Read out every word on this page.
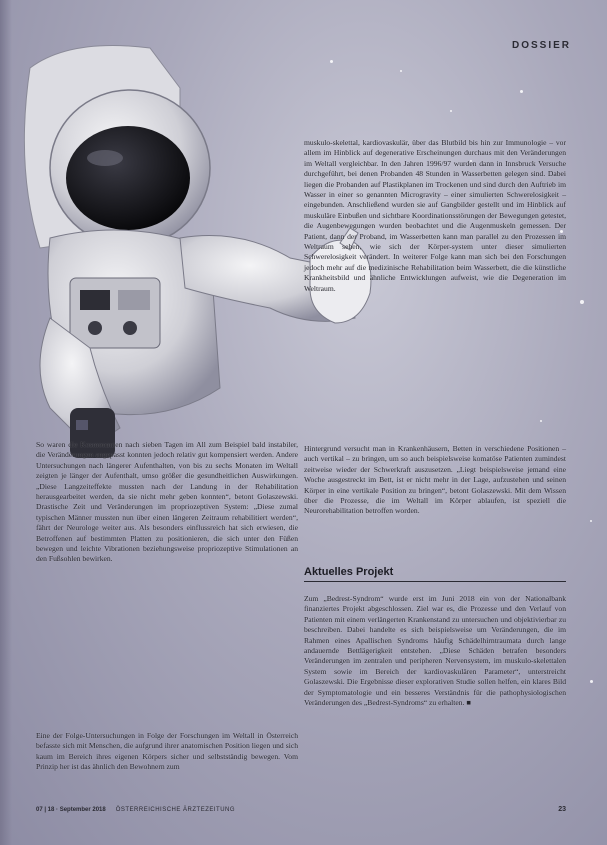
DOSSIER

muskulo-skelettal, kardiovaskulär, über das Blutbild bis hin zur Immunologie – vor allem im Hinblick auf degenerative Erscheinungen durchaus mit den Veränderungen im Weltall vergleichbar. In den Jahren 1996/97 wurden dann in Innsbruck Versuche durchgeführt, bei denen Probanden 48 Stunden in Wasserbetten gelegen sind. Dabei liegen die Probanden auf Plastikplanen im Trockenen und sind durch den Auftrieb im Wasser in einer so genannten Microgravity – einer simulierten Schwerelosigkeit – eingebunden. Anschließend wurden sie auf Gangbilder gestellt und im Hinblick auf muskuläre Einbußen und sichtbare Koordinationsstörungen der Bewegungen getestet, die Augenbewegungen wurden beobachtet und die Augenmuskeln gemessen. Der Patient, dann der Proband, im Wasserbetten kann man parallel zu den Prozessen im Weltraum sehen, wie sich der Körper-system unter dieser simulierten Schwerelosigkeit verändert. In weiterer Folge kann man sich bei den Forschungen jedoch mehr auf die medizinische Rehabilitation beim Wasserbett, die die künstliche Krankheitsbild und ähnliche Entwicklungen aufweist, wie die Degeneration im Weltraum.

So waren die Kosmonauten nach sieben Tagen im All zum Beispiel bald instabiler, die Veränderungen angepasst konnten jedoch relativ gut kompensiert werden. Andere Untersuchungen nach längerer Aufenthalten, von bis zu sechs Monaten im Weltall zeigten je länger der Aufenthalt, umso größer die gesundheitlichen Auswirkungen. „Diese Langzeiteffekte mussten nach der Landung in der Rehabilitation herausgearbeitet werden, da sie nicht mehr geben konnten“, betont Golaszewski. Drastische Zeit und Veränderungen im propriozeptiven System: „Diese zumal typischen Männer mussten nun über einen längeren Zeitraum rehabilitiert werden“, fährt der Neurologe weiter aus. Als besonders einflussreich hat sich erwiesen, die Betroffenen auf bestimmten Platten zu positionieren, die sich unter den Füßen bewegen und leichte Vibrationen beziehungsweise propriozeptive Stimulationen an den Fußsohlen bewirken.

Eine der Folge-Untersuchungen in Folge der Forschungen im Weltall in Österreich befasste sich mit Menschen, die aufgrund ihrer anatomischen Position liegen und sich kaum im Bereich ihres eigenen Körpers sicher und selbstständig bewegen. Vom Prinzip her ist das ähnlich den Bewohnern zum

Hintergrund versucht man in Krankenhäusern, Betten in verschiedene Positionen – auch vertikal – zu bringen, um so auch beispielsweise komatöse Patienten zumindest zeitweise wieder der Schwerkraft auszusetzen. „Liegt beispielsweise jemand eine Woche ausgestreckt im Bett, ist er nicht mehr in der Lage, aufzustehen und seinen Körper in eine vertikale Position zu bringen“, betont Golaszewski. Mit dem Wissen über die Prozesse, die im Weltall im Körper ablaufen, ist speziell die Neurorehabilitation betroffen worden.

Aktuelles Projekt

Zum „Bedrest-Syndrom“ wurde erst im Juni 2018 ein von der Nationalbank finanziertes Projekt abgeschlossen. Ziel war es, die Prozesse und den Verlauf von Patienten mit einem verlängerten Krankenstand zu untersuchen und objektivierbar zu beschreiben. Dabei handelte es sich beispielsweise um Veränderungen, die im Rahmen eines Apallischen Syndroms häufig Schädelhirntraumata durch lange andauernde Bettlägerigkeit entstehen. „Diese Schäden betrafen besonders Veränderungen im zentralen und peripheren Nervensystem, im muskulo-skelettalen System sowie im Bereich der kardiovaskulären Parameter“, unterstreicht Golaszewski. Die Ergebnisse dieser explorativen Studie sollen helfen, ein klares Bild der Symptomatologie und ein besseres Verständnis für die pathophysiologischen Veränderungen des „Bedrest-Syndroms“ zu erhalten. ■

07 | 18 · September 2018 ÖSTERREICHISCHE ÄRZTEZEITUNG	23
